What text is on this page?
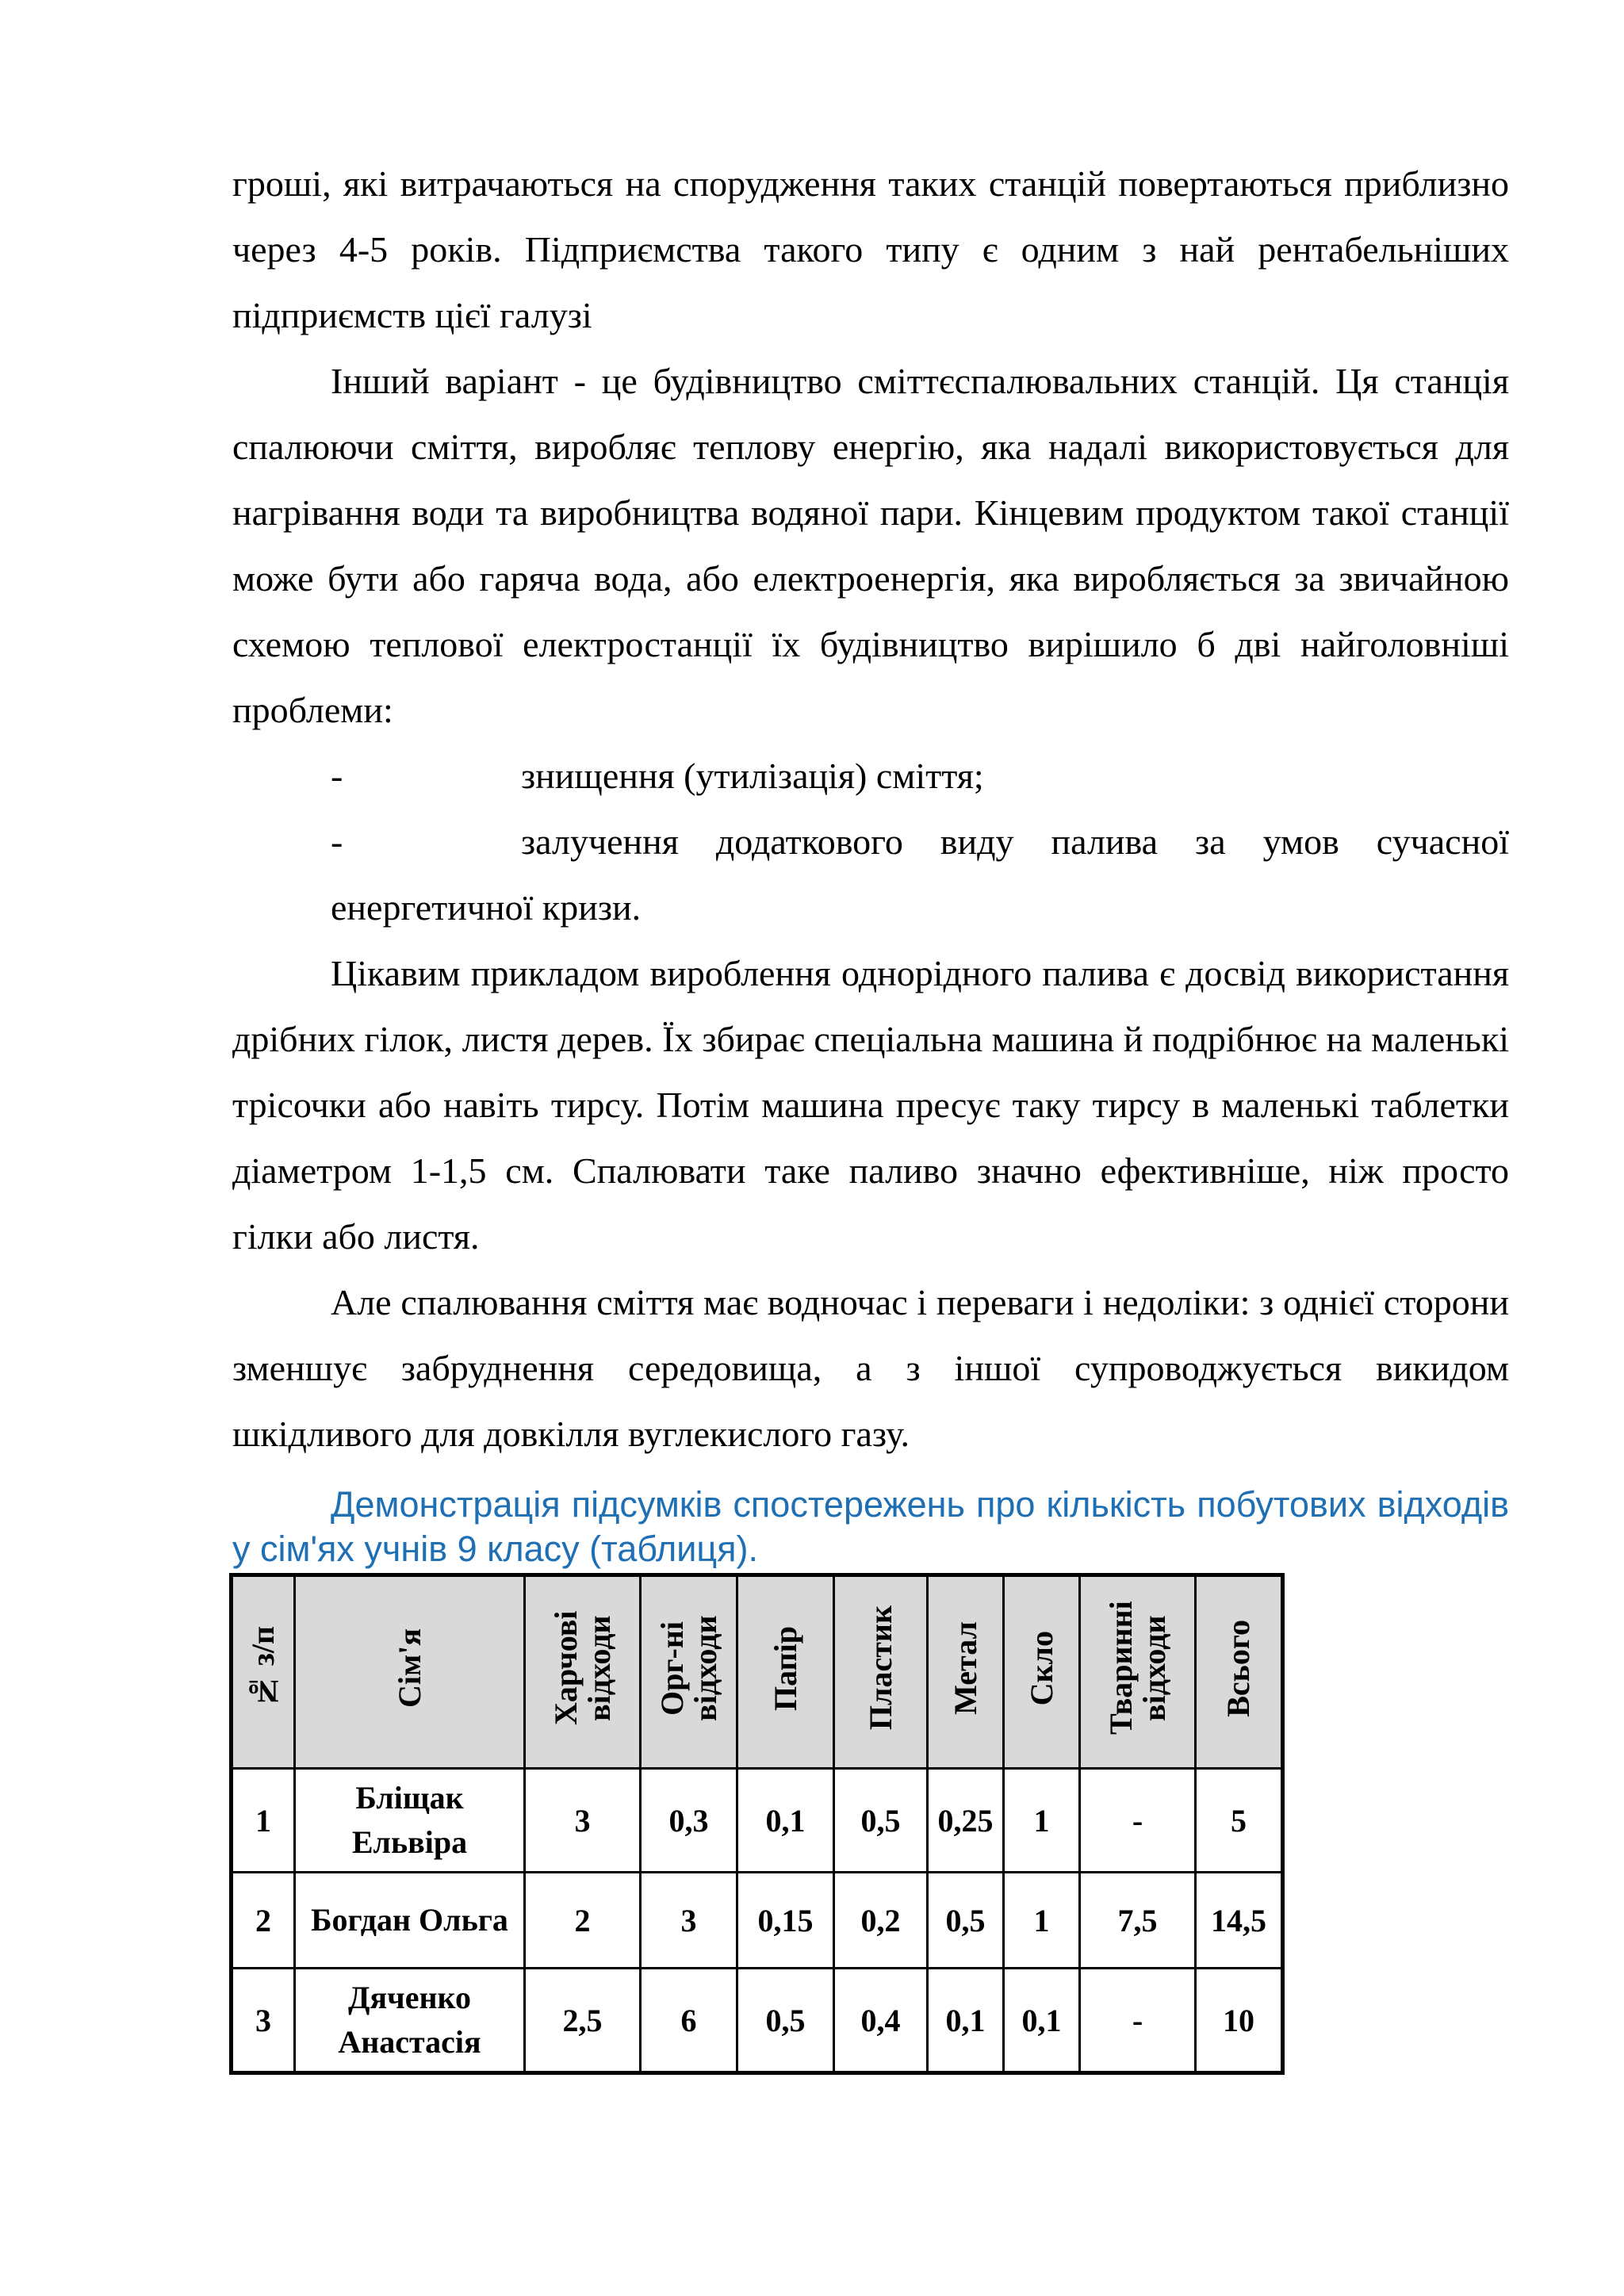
гроші, які витрачаються на спорудження таких станцій повертаються приблизно через 4-5 років. Підприємства такого типу є одним з най рентабельніших підприємств цієї галузі

Інший варіант - це будівництво сміттєспалювальних станцій. Ця станція спалюючи сміття, виробляє теплову енергію, яка надалі використовується для нагрівання води та виробництва водяної пари. Кінцевим продуктом такої станції може бути або гаряча вода, або електроенергія, яка виробляється за звичайною схемою теплової електростанції їх будівництво вирішило б дві найголовніші проблеми:

-	знищення (утилізація) сміття;
-	залучення додаткового виду палива за умов сучасної енергетичної кризи.

Цікавим прикладом вироблення однорідного палива є досвід використання дрібних гілок, листя дерев. Їх збирає спеціальна машина й подрібнює на маленькі трісочки або навіть тирсу. Потім машина пресує таку тирсу в маленькі таблетки діаметром 1-1,5 см. Спалювати таке паливо значно ефективніше, ніж просто гілки або листя.

Але спалювання сміття має водночас і переваги і недоліки: з однієї сторони зменшує забруднення середовища, а з іншої супроводжується викидом шкідливого для довкілля вуглекислого газу.

Демонстрація підсумків спостережень про кількість побутових відходів у сім'ях учнів 9 класу (таблиця).

№ з/п	Сім'я	Харчові відходи	Орг-ні відходи	Папір	Пластик	Метал	Скло	Тваринні відходи	Всього
1	Бліщак Ельвіра	3	0,3	0,1	0,5	0,25	1	-	5
2	Богдан Ольга	2	3	0,15	0,2	0,5	1	7,5	14,5
3	Дяченко Анастасія	2,5	6	0,5	0,4	0,1	0,1	-	10
